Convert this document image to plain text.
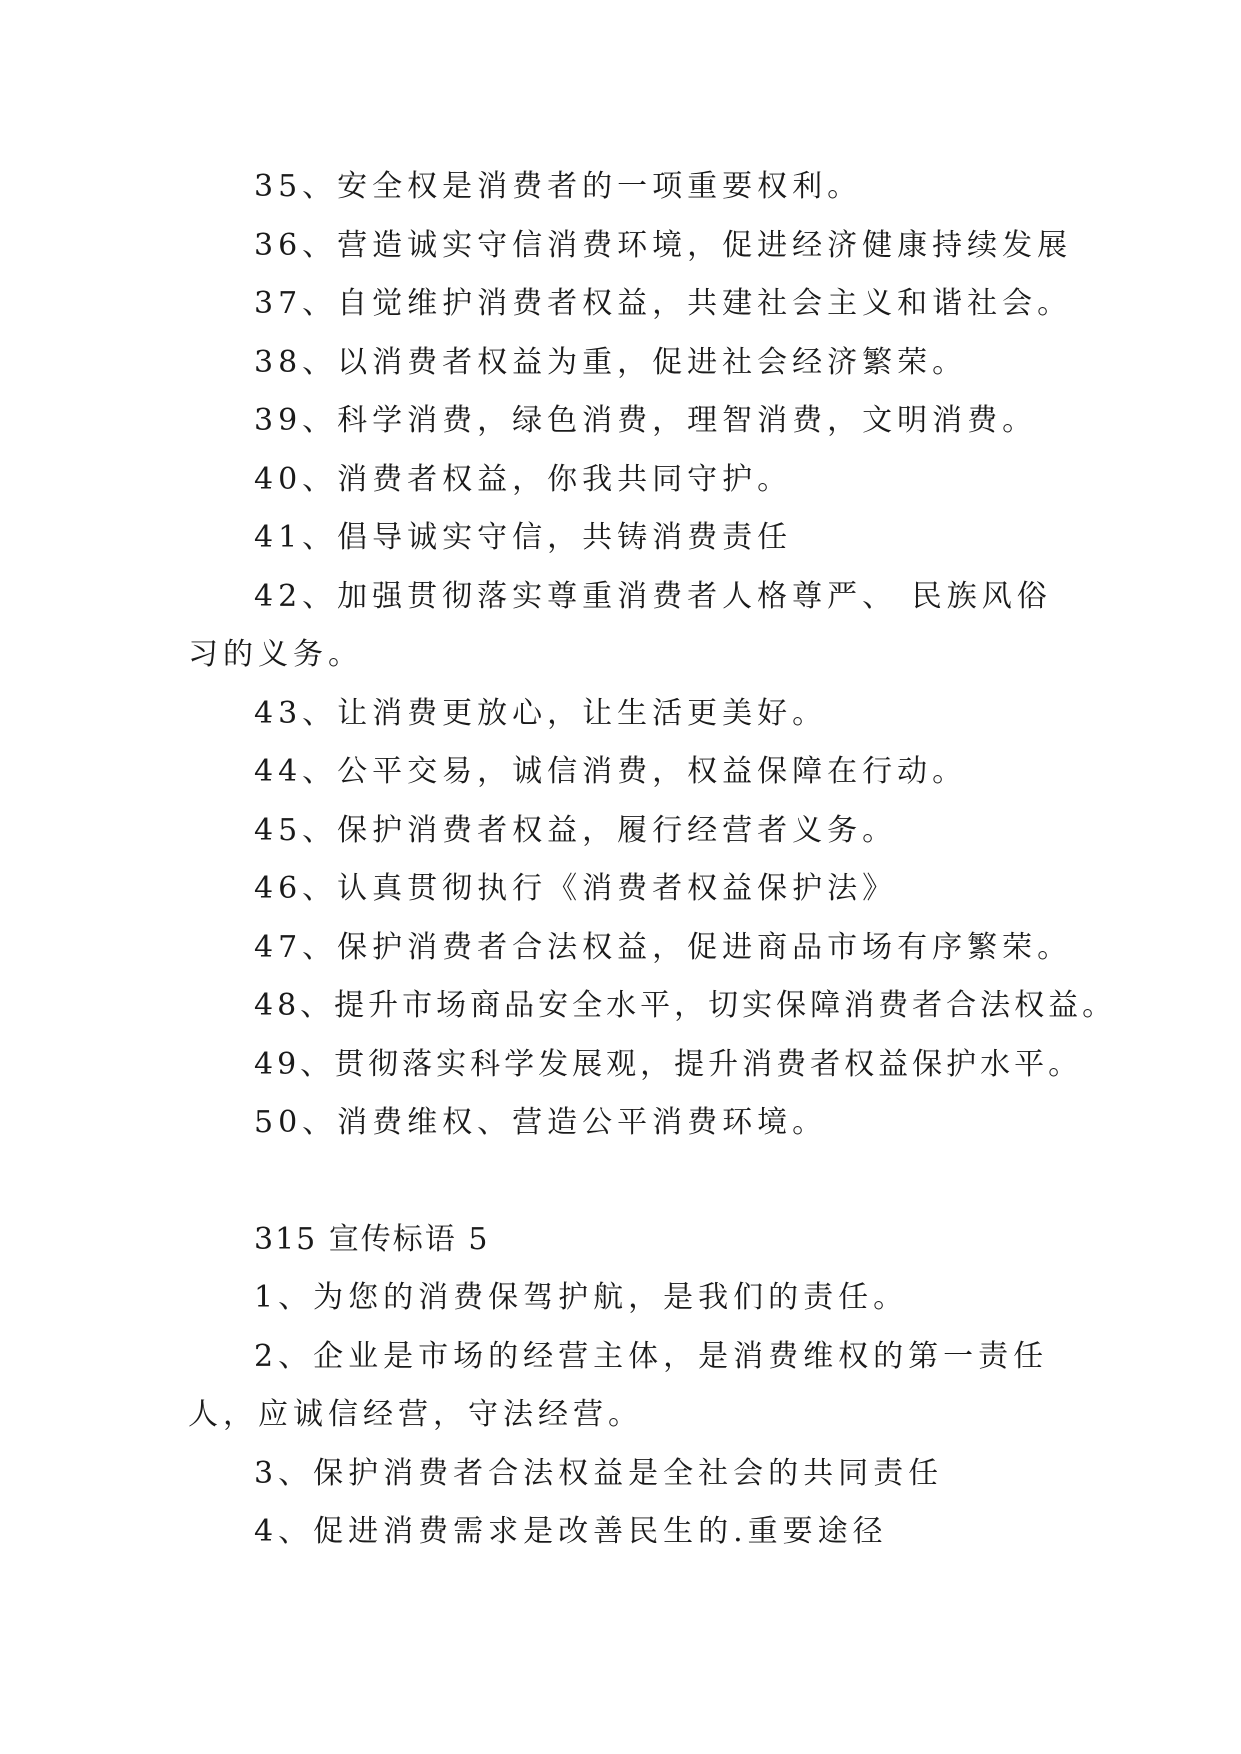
35、安全权是消费者的一项重要权利。

36、营造诚实守信消费环境，促进经济健康持续发展

37、自觉维护消费者权益，共建社会主义和谐社会。

38、以消费者权益为重，促进社会经济繁荣。

39、科学消费，绿色消费，理智消费，文明消费。

40、消费者权益，你我共同守护。

41、倡导诚实守信，共铸消费责任

42、加强贯彻落实尊重消费者人格尊严、 民族风俗习的义务。

43、让消费更放心，让生活更美好。

44、公平交易，诚信消费，权益保障在行动。

45、保护消费者权益，履行经营者义务。

46、认真贯彻执行《消费者权益保护法》

47、保护消费者合法权益，促进商品市场有序繁荣。

48、提升市场商品安全水平，切实保障消费者合法权益。

49、贯彻落实科学发展观，提升消费者权益保护水平。

50、消费维权、营造公平消费环境。

315 宣传标语 5

1、为您的消费保驾护航，是我们的责任。

2、企业是市场的经营主体，是消费维权的第一责任人，应诚信经营，守法经营。

3、保护消费者合法权益是全社会的共同责任

4、促进消费需求是改善民生的.重要途径
